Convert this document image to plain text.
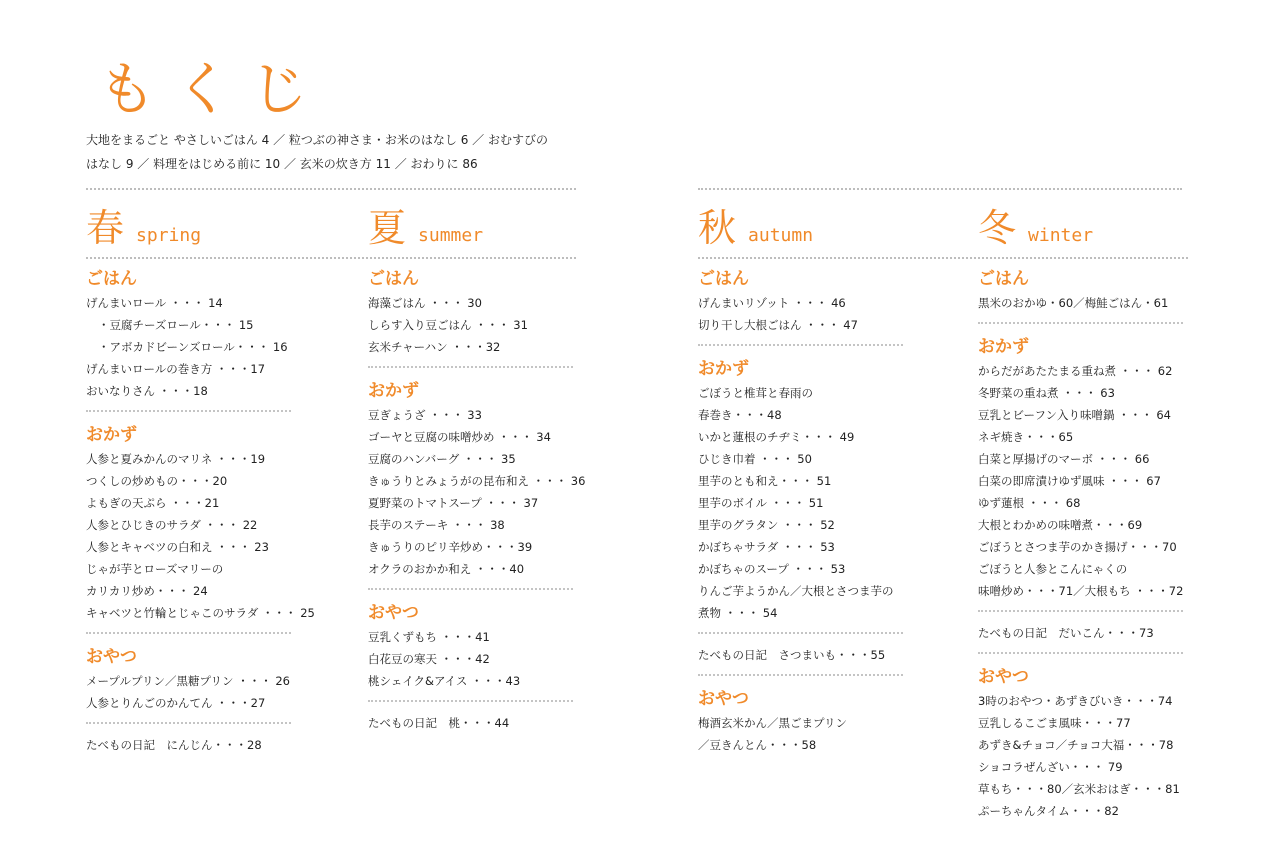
もくじ
大地をまるごと やさしいごはん 4 ／ 粒つぶの神さま・お米のはなし 6 ／ おむすびの
はなし 9 ／ 料理をはじめる前に 10 ／ 玄米の炊き方 11 ／ おわりに 86
春 spring	夏 summer	秋 autumn	冬 winter
ごはん
げんまいロール ・・・ 14
・豆腐チーズロール・・・ 15
・アボカドビーンズロール・・・ 16
げんまいロールの巻き方 ・・・17
おいなりさん ・・・18
おかず
人参と夏みかんのマリネ ・・・19
つくしの炒めもの・・・20
よもぎの天ぷら ・・・21
人参とひじきのサラダ ・・・ 22
人参とキャベツの白和え ・・・ 23
じゃが芋とローズマリーの
カリカリ炒め・・・ 24
キャベツと竹輪とじゃこのサラダ ・・・ 25
おやつ
メープルプリン／黒糖プリン ・・・ 26
人参とりんごのかんてん ・・・27
たべもの日記　にんじん・・・28
ごはん
海藻ごはん ・・・ 30
しらす入り豆ごはん ・・・ 31
玄米チャーハン ・・・32
おかず
豆ぎょうざ ・・・ 33
ゴーヤと豆腐の味噌炒め ・・・ 34
豆腐のハンバーグ ・・・ 35
きゅうりとみょうがの昆布和え ・・・ 36
夏野菜のトマトスープ ・・・ 37
長芋のステーキ ・・・ 38
きゅうりのピリ辛炒め・・・39
オクラのおかか和え ・・・40
おやつ
豆乳くずもち ・・・41
白花豆の寒天 ・・・42
桃シェイク&アイス ・・・43
たべもの日記　桃・・・44
ごはん
げんまいリゾット ・・・ 46
切り干し大根ごはん ・・・ 47
おかず
ごぼうと椎茸と春雨の
春巻き・・・48
いかと蓮根のチヂミ・・・ 49
ひじき巾着 ・・・ 50
里芋のとも和え・・・ 51
里芋のボイル ・・・ 51
里芋のグラタン ・・・ 52
かぼちゃサラダ ・・・ 53
かぼちゃのスープ ・・・ 53
りんご芋ようかん／大根とさつま芋の
煮物 ・・・ 54
たべもの日記　さつまいも・・・55
おやつ
梅酒玄米かん／黒ごまプリン
／豆きんとん・・・58
ごはん
黒米のおかゆ・60／梅鮭ごはん・61
おかず
からだがあたたまる重ね煮 ・・・ 62
冬野菜の重ね煮 ・・・ 63
豆乳とビーフン入り味噌鍋 ・・・ 64
ネギ焼き・・・65
白菜と厚揚げのマーボ ・・・ 66
白菜の即席漬けゆず風味 ・・・ 67
ゆず蓮根 ・・・ 68
大根とわかめの味噌煮・・・69
ごぼうとさつま芋のかき揚げ・・・70
ごぼうと人参とこんにゃくの
味噌炒め・・・71／大根もち ・・・72
たべもの日記　だいこん・・・73
おやつ
3時のおやつ・あずきびいき・・・74
豆乳しるこごま風味・・・77
あずき&チョコ／チョコ大福・・・78
ショコラぜんざい・・・ 79
草もち・・・80／玄米おはぎ・・・81
ぷーちゃんタイム・・・82
